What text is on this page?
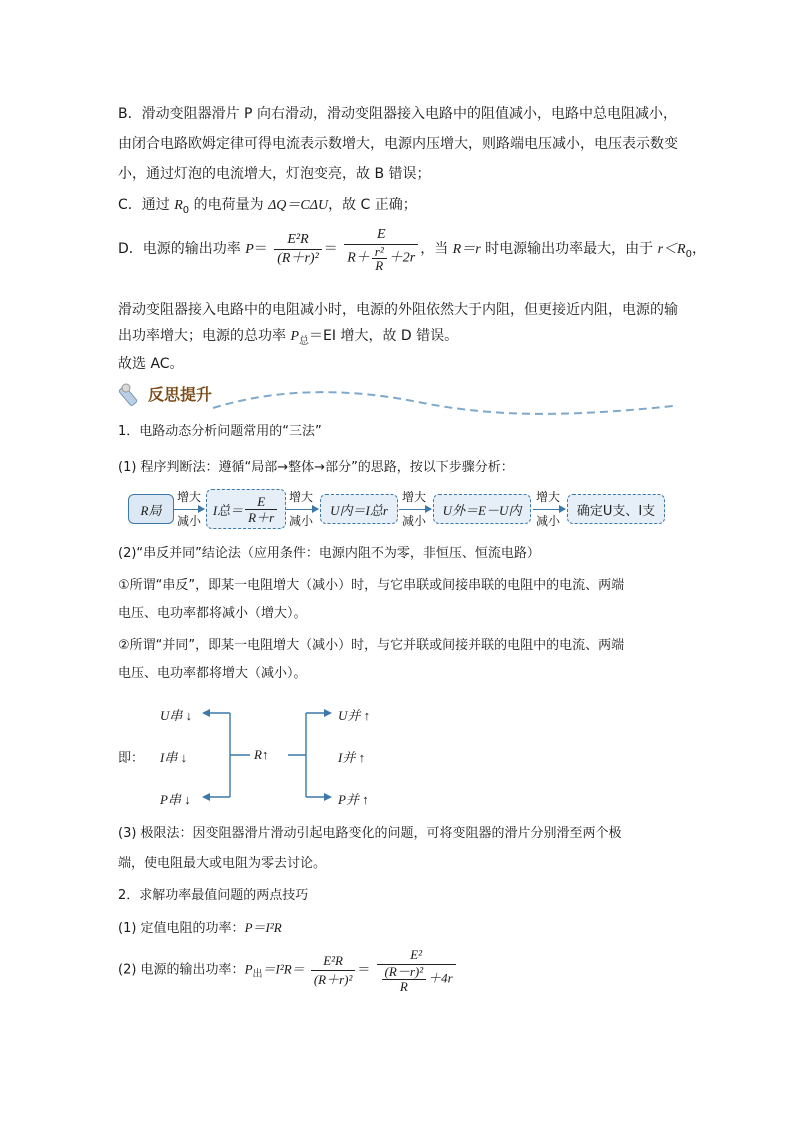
B．滑动变阻器滑片 P 向右滑动，滑动变阻器接入电路中的阻值减小，电路中总电阻减小，
由闭合电路欧姆定律可得电流表示数增大，电源内压增大，则路端电压减小，电压表示数变
小，通过灯泡的电流增大，灯泡变亮，故 B 错误；
C．通过 $R_0$ 的电荷量为 ΔQ＝CΔU，故 C 正确；
D．电源的输出功率 $P= \frac{\text{E²R}}{\text{(R＋r)²}} = \frac{E}{R+ \frac{\text{r²}}{R} +2r}$ ，当 R＝r 时电源输出功率最大，由于 $r<R_0$，
滑动变阻器接入电路中的电阻减小时，电源的外阻依然大于内阻，但更接近内阻，电源的输
出功率增大；电源的总功率 $P_总=EI$ 增大，故 D 错误。
故选 AC。
反思提升
1．电路动态分析问题常用的“三法”
(1) 程序判断法：遵循“局部→整体→部分”的思路，按以下步骤分析：
R局
增大
减小
I总＝ $\frac{E}{R+r}$ 增大
减小
U内＝I总r
增大
减小
U外＝E－U内
增大
减小
确定U支、I支
(2)“串反并同”结论法（应用条件：电源内阻不为零，非恒压、恒流电路）
①所谓“串反”，即某一电阻增大（减小）时，与它串联或间接串联的电阻中的电流、两端
电压、电功率都将减小（增大）。
②所谓“并同”，即某一电阻增大（减小）时，与它并联或间接并联的电阻中的电流、两端
电压、电功率都将增大（减小）。
U串 ↓
即： I串 ↓
P串 ↓
R↑
U并 ↑
I并 ↑
P并 ↑
(3) 极限法：因变阻器滑片滑动引起电路变化的问题，可将变阻器的滑片分别滑至两个极
端，使电阻最大或电阻为零去讨论。
2．求解功率最值问题的两点技巧
(1) 定值电阻的功率：P＝I²R
(2) 电源的输出功率：$P_出=I^2R= \frac{\text{E²R}}{\text{(R＋r)²}} = \frac{\text{E²}}{\frac{\text{(R－r)²}}{R} +4r}$
